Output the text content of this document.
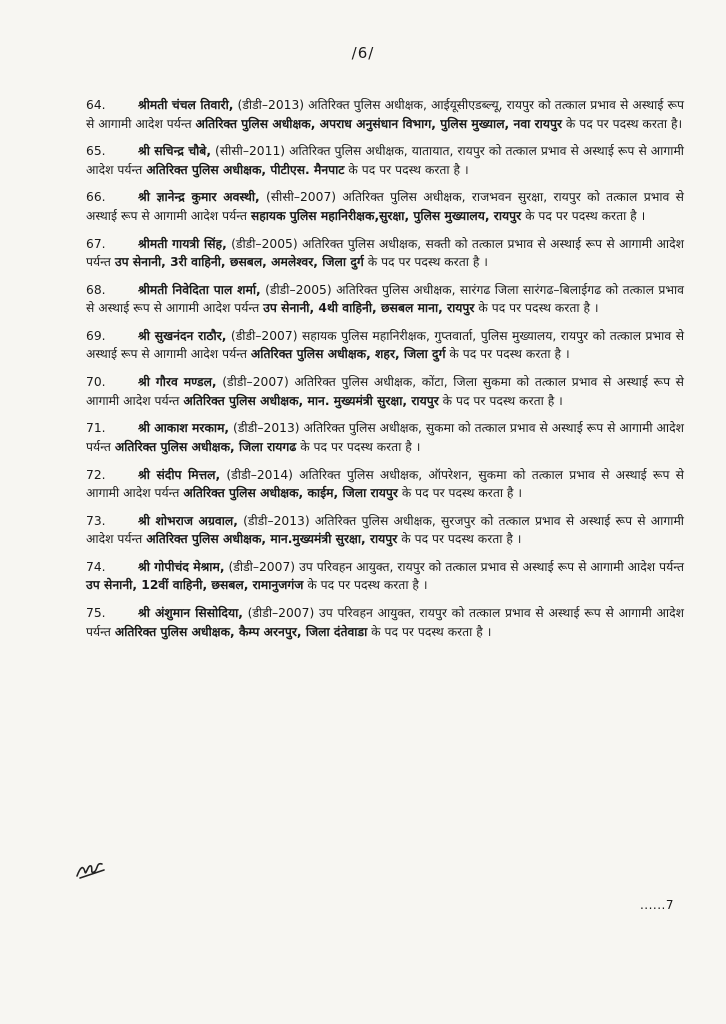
/6/

64.	श्रीमती चंचल तिवारी, (डीडी–2013) अतिरिक्त पुलिस अधीक्षक, आईयूसीएडब्ल्यू, रायपुर को तत्काल प्रभाव से अस्थाई रूप से आगामी आदेश पर्यन्त अतिरिक्त पुलिस अधीक्षक, अपराध अनुसंधान विभाग, पुलिस मुख्याल, नवा रायपुर के पद पर पदस्थ करता है।

65.	श्री सचिन्द्र चौबे, (सीसी–2011) अतिरिक्त पुलिस अधीक्षक, यातायात, रायपुर को तत्काल प्रभाव से अस्थाई रूप से आगामी आदेश पर्यन्त अतिरिक्त पुलिस अधीक्षक, पीटीएस. मैनपाट के पद पर पदस्थ करता है ।

66.	श्री ज्ञानेन्द्र कुमार अवस्थी, (सीसी–2007) अतिरिक्त पुलिस अधीक्षक, राजभवन सुरक्षा, रायपुर को तत्काल प्रभाव से अस्थाई रूप से आगामी आदेश पर्यन्त सहायक पुलिस महानिरीक्षक,सुरक्षा, पुलिस मुख्यालय, रायपुर के पद पर पदस्थ करता है ।

67.	श्रीमती गायत्री सिंह, (डीडी–2005) अतिरिक्त पुलिस अधीक्षक, सक्ती को तत्काल प्रभाव से अस्थाई रूप से आगामी आदेश पर्यन्त उप सेनानी, 3री वाहिनी, छसबल, अमलेश्वर, जिला दुर्ग के पद पर पदस्थ करता है ।

68.	श्रीमती निवेदिता पाल शर्मा, (डीडी–2005) अतिरिक्त पुलिस अधीक्षक, सारंगढ जिला सारंगढ–बिलाईगढ को तत्काल प्रभाव से अस्थाई रूप से आगामी आदेश पर्यन्त उप सेनानी, 4थी वाहिनी, छसबल माना, रायपुर के पद पर पदस्थ करता है ।

69.	श्री सुखनंदन राठौर, (डीडी–2007) सहायक पुलिस महानिरीक्षक, गुप्तवार्ता, पुलिस मुख्यालय, रायपुर को तत्काल प्रभाव से अस्थाई रूप से आगामी आदेश पर्यन्त अतिरिक्त पुलिस अधीक्षक, शहर, जिला दुर्ग के पद पर पदस्थ करता है ।

70.	श्री गौरव मण्डल, (डीडी–2007) अतिरिक्त पुलिस अधीक्षक, कोंटा, जिला सुकमा को तत्काल प्रभाव से अस्थाई रूप से आगामी आदेश पर्यन्त अतिरिक्त पुलिस अधीक्षक, मान. मुख्यमंत्री सुरक्षा, रायपुर के पद पर पदस्थ करता है ।

71.	श्री आकाश मरकाम, (डीडी–2013) अतिरिक्त पुलिस अधीक्षक, सुकमा को तत्काल प्रभाव से अस्थाई रूप से आगामी आदेश पर्यन्त अतिरिक्त पुलिस अधीक्षक, जिला रायगढ के पद पर पदस्थ करता है ।

72.	श्री संदीप मित्तल, (डीडी–2014) अतिरिक्त पुलिस अधीक्षक, ऑपरेशन, सुकमा को तत्काल प्रभाव से अस्थाई रूप से आगामी आदेश पर्यन्त अतिरिक्त पुलिस अधीक्षक, काईम, जिला रायपुर के पद पर पदस्थ करता है ।

73.	श्री शोभराज अग्रवाल, (डीडी–2013) अतिरिक्त पुलिस अधीक्षक, सुरजपुर को तत्काल प्रभाव से अस्थाई रूप से आगामी आदेश पर्यन्त अतिरिक्त पुलिस अधीक्षक, मान.मुख्यमंत्री सुरक्षा, रायपुर के पद पर पदस्थ करता है ।

74.	श्री गोपीचंद मेश्राम, (डीडी–2007) उप परिवहन आयुक्त, रायपुर को तत्काल प्रभाव से अस्थाई रूप से आगामी आदेश पर्यन्त उप सेनानी, 12वीं वाहिनी, छसबल, रामानुजगंज के पद पर पदस्थ करता है ।

75.	श्री अंशुमान सिसोदिया, (डीडी–2007) उप परिवहन आयुक्त, रायपुर को तत्काल प्रभाव से अस्थाई रूप से आगामी आदेश पर्यन्त अतिरिक्त पुलिस अधीक्षक, कैम्प अरनपुर, जिला दंतेवाडा के पद पर पदस्थ करता है ।

......7
